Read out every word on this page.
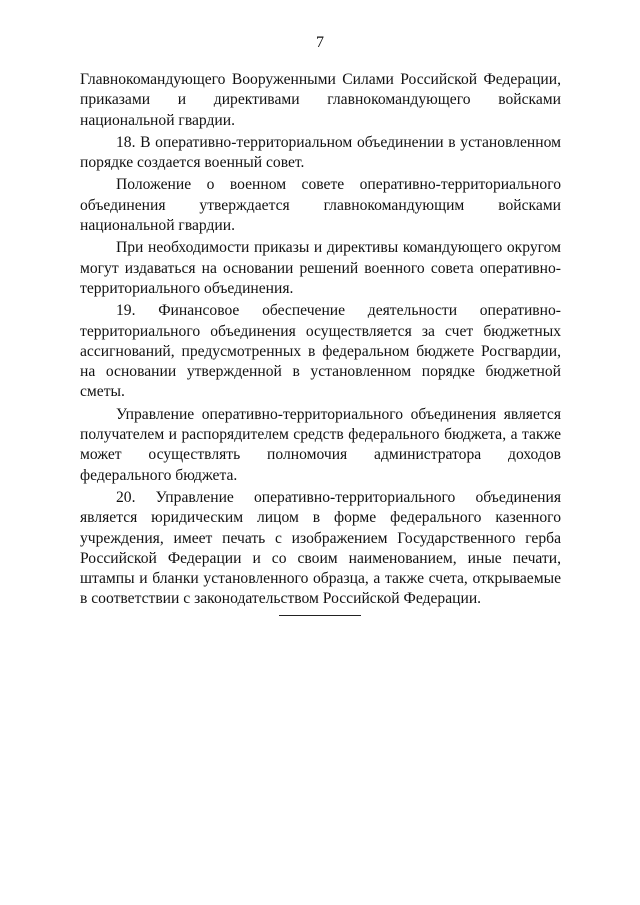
7

Главнокомандующего Вооруженными Силами Российской Федерации, приказами и директивами главнокомандующего войсками национальной гвардии.

18. В оперативно-территориальном объединении в установленном порядке создается военный совет.

Положение о военном совете оперативно-территориального объединения утверждается главнокомандующим войсками национальной гвардии.

При необходимости приказы и директивы командующего округом могут издаваться на основании решений военного совета оперативно-территориального объединения.

19. Финансовое обеспечение деятельности оперативно-территориального объединения осуществляется за счет бюджетных ассигнований, предусмотренных в федеральном бюджете Росгвардии, на основании утвержденной в установленном порядке бюджетной сметы.

Управление оперативно-территориального объединения является получателем и распорядителем средств федерального бюджета, а также может осуществлять полномочия администратора доходов федерального бюджета.

20. Управление оперативно-территориального объединения является юридическим лицом в форме федерального казенного учреждения, имеет печать с изображением Государственного герба Российской Федерации и со своим наименованием, иные печати, штампы и бланки установленного образца, а также счета, открываемые в соответствии с законодательством Российской Федерации.
